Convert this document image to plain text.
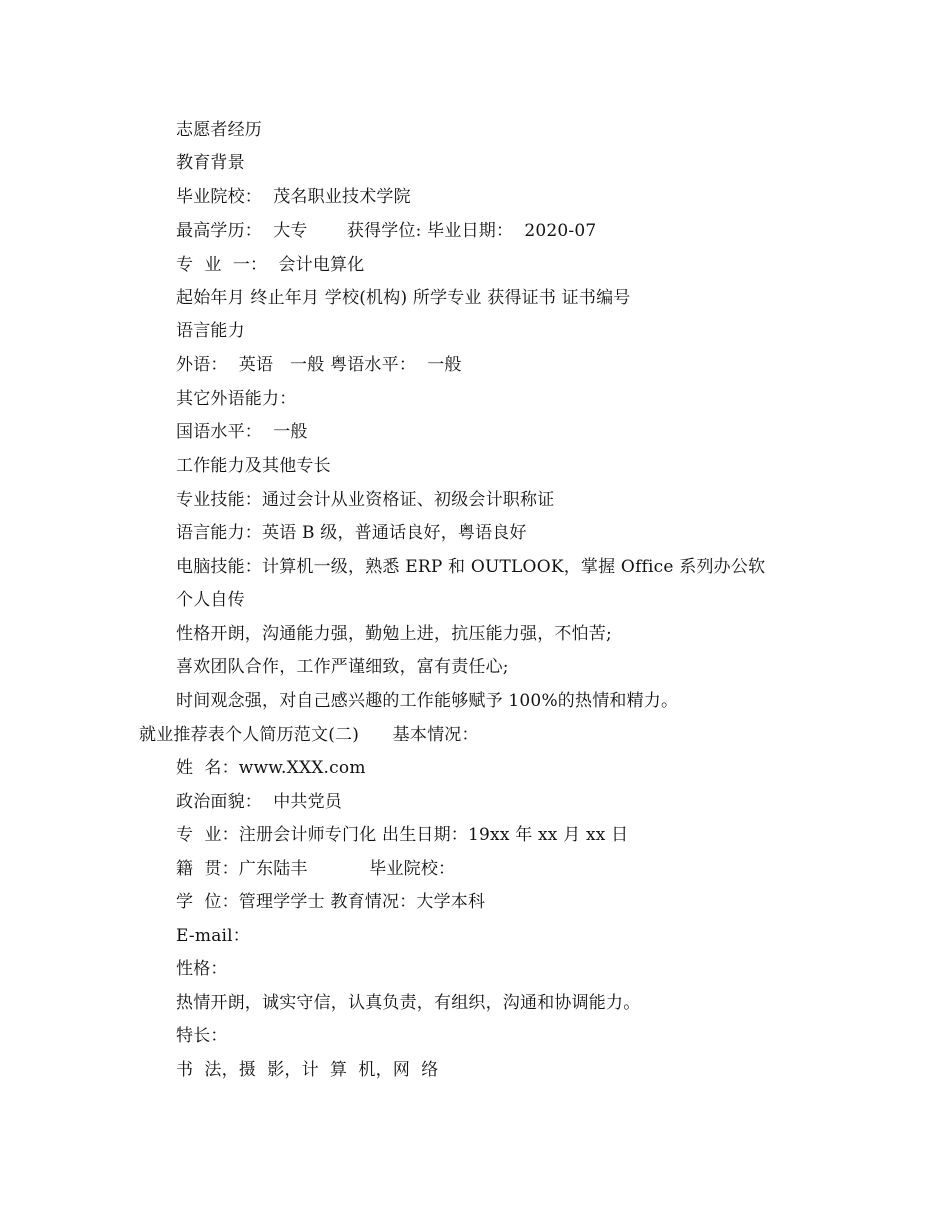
志愿者经历
教育背景
毕业院校：  茂名职业技术学院
最高学历：  大专       获得学位: 毕业日期：  2020-07
专  业  一：  会计电算化
起始年月 终止年月 学校(机构) 所学专业 获得证书 证书编号
语言能力
外语：  英语   一般 粤语水平：  一般
其它外语能力：
国语水平：  一般
工作能力及其他专长
专业技能：通过会计从业资格证、初级会计职称证
语言能力：英语 B 级，普通话良好，粤语良好
电脑技能：计算机一级，熟悉 ERP 和 OUTLOOK，掌握 Office 系列办公软
个人自传
性格开朗，沟通能力强，勤勉上进，抗压能力强，不怕苦;
喜欢团队合作，工作严谨细致，富有责任心;
时间观念强，对自己感兴趣的工作能够赋予 100%的热情和精力。
就业推荐表个人简历范文(二)      基本情况：
姓  名：www.XXX.com
政治面貌：  中共党员
专  业：注册会计师专门化 出生日期：19xx 年 xx 月 xx 日
籍  贯：广东陆丰           毕业院校：
学  位：管理学学士 教育情况：大学本科
E-mail：
性格：
热情开朗，诚实守信，认真负责，有组织，沟通和协调能力。
特长：
书  法，摄  影，计  算  机，网  络
